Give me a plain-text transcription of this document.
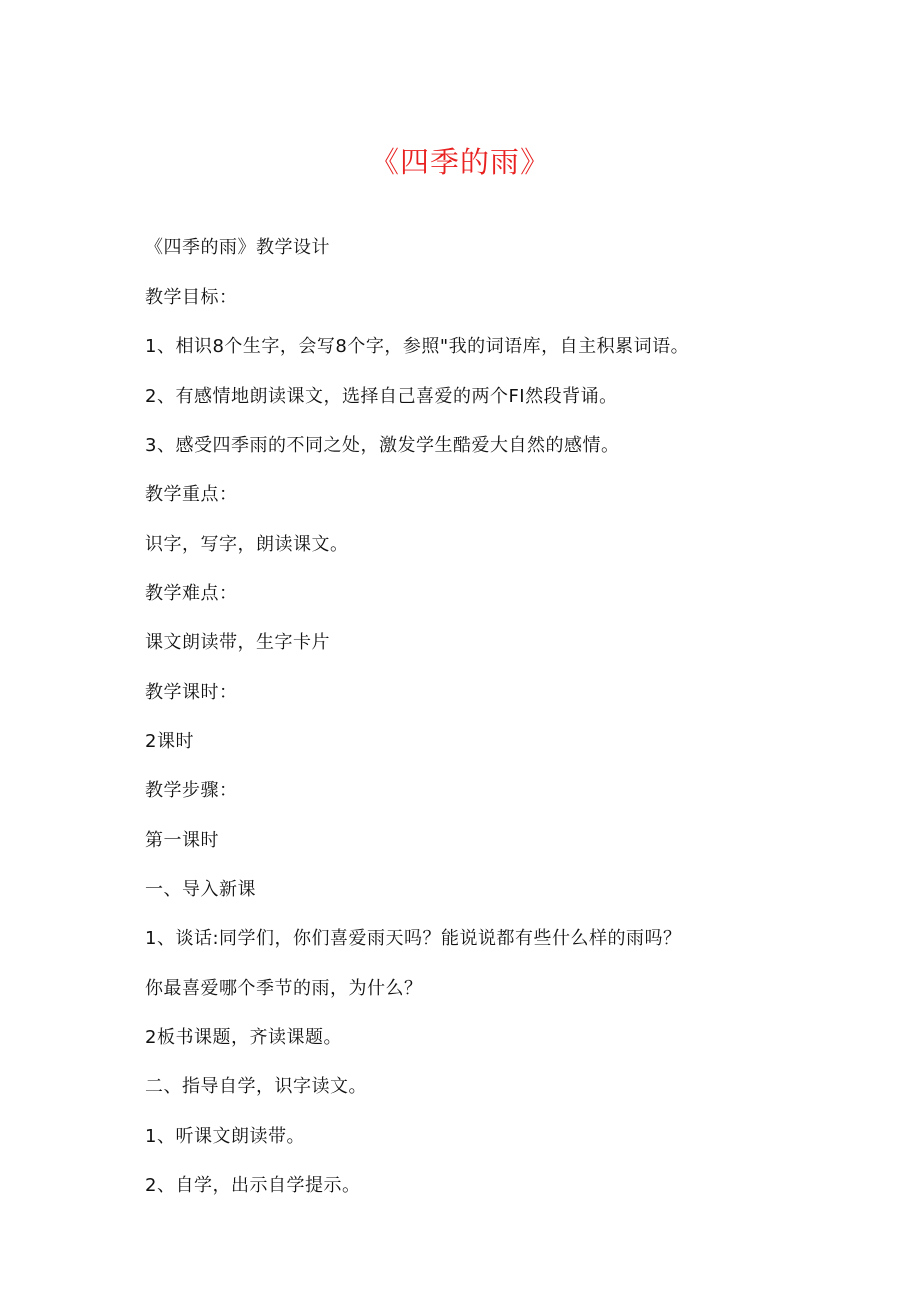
《四季的雨》
《四季的雨》教学设计
教学目标：
1、相识8个生字，会写8个字，参照"我的词语库，自主积累词语。
2、有感情地朗读课文，选择自己喜爱的两个FI然段背诵。
3、感受四季雨的不同之处，激发学生酷爱大自然的感情。
教学重点：
识字，写字，朗读课文。
教学难点：
课文朗读带，生字卡片
教学课时：
2课时
教学步骤：
第一课时
一、导入新课
1、谈话:同学们，你们喜爱雨天吗？能说说都有些什么样的雨吗？
你最喜爱哪个季节的雨，为什么？
2板书课题，齐读课题。
二、指导自学，识字读文。
1、听课文朗读带。
2、自学，出示自学提示。
